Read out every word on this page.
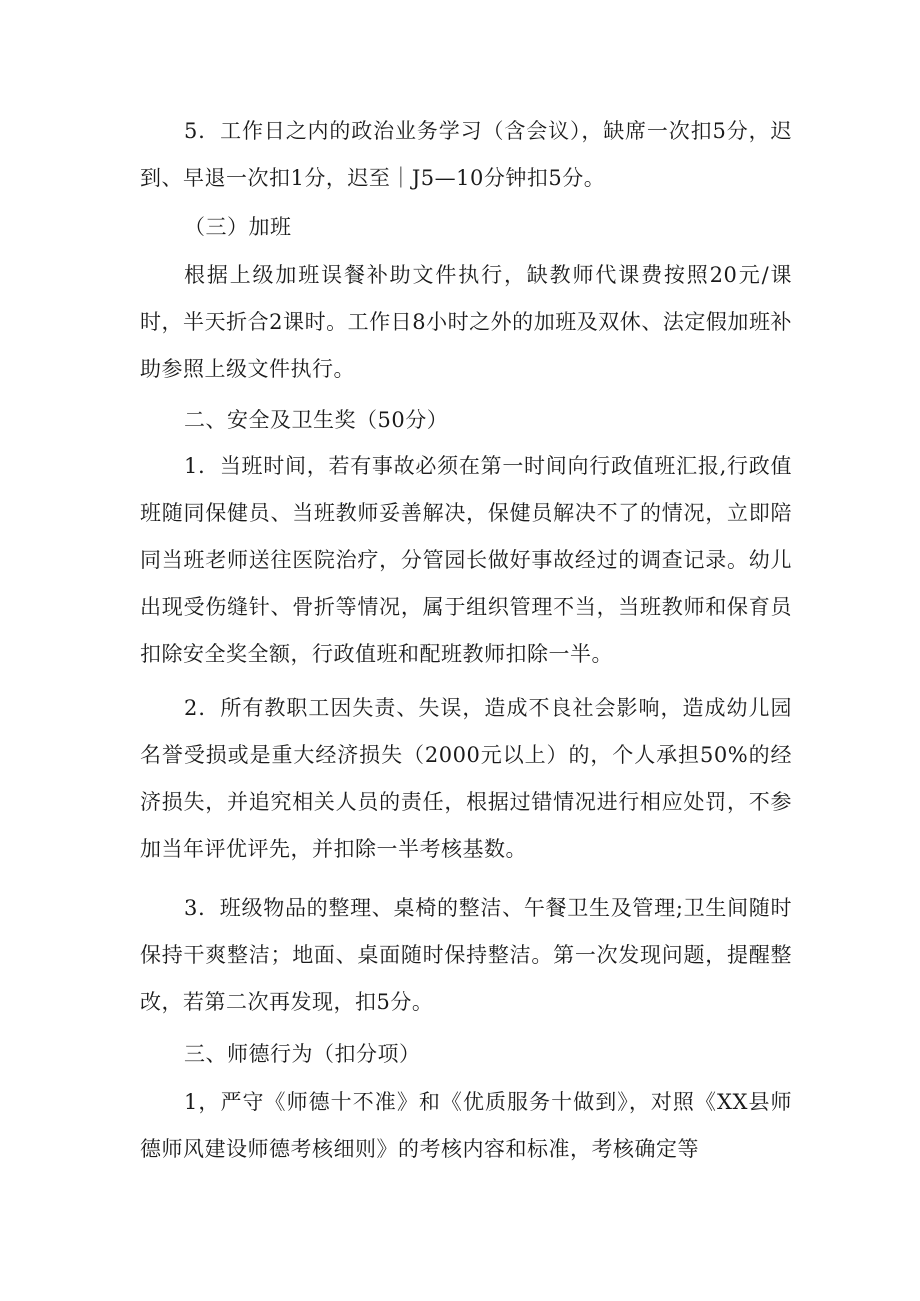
5．工作日之内的政治业务学习（含会议），缺席一次扣5分，迟到、早退一次扣1分，迟至｜J5—10分钟扣5分。

（三）加班

根据上级加班误餐补助文件执行，缺教师代课费按照20元/课时，半天折合2课时。工作日8小时之外的加班及双休、法定假加班补助参照上级文件执行。

二、安全及卫生奖（50分）

1．当班时间，若有事故必须在第一时间向行政值班汇报,行政值班随同保健员、当班教师妥善解决，保健员解决不了的情况，立即陪同当班老师送往医院治疗，分管园长做好事故经过的调查记录。幼儿出现受伤缝针、骨折等情况，属于组织管理不当，当班教师和保育员扣除安全奖全额，行政值班和配班教师扣除一半。

2．所有教职工因失责、失误，造成不良社会影响，造成幼儿园名誉受损或是重大经济损失（2000元以上）的，个人承担50%的经济损失，并追究相关人员的责任，根据过错情况进行相应处罚，不参加当年评优评先，并扣除一半考核基数。

3．班级物品的整理、桌椅的整洁、午餐卫生及管理;卫生间随时保持干爽整洁；地面、桌面随时保持整洁。第一次发现问题，提醒整改，若第二次再发现，扣5分。

三、师德行为（扣分项）

1，严守《师德十不准》和《优质服务十做到》，对照《XX县师德师风建设师德考核细则》的考核内容和标准，考核确定等
